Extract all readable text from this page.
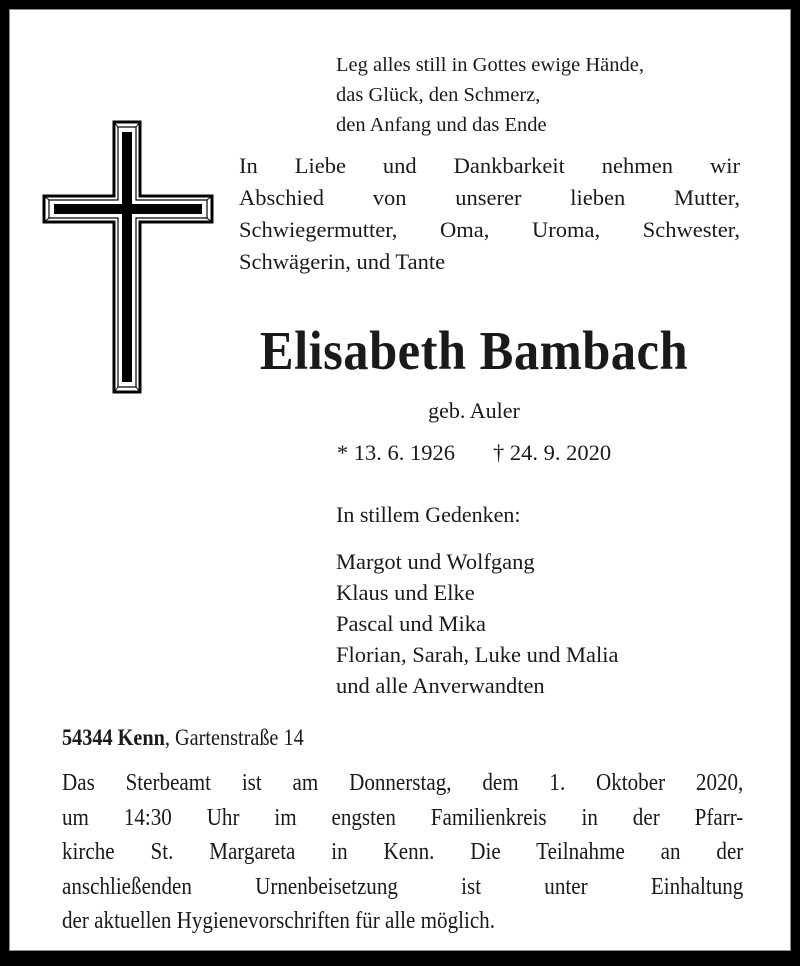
Leg alles still in Gottes ewige Hände,
das Glück, den Schmerz,
den Anfang und das Ende
In Liebe und Dankbarkeit nehmen wir
Abschied von unserer lieben Mutter,
Schwiegermutter, Oma, Uroma, Schwester,
Schwägerin, und Tante
Elisabeth Bambach
geb. Auler
* 13. 6. 1926 † 24. 9. 2020
In stillem Gedenken:
Margot und Wolfgang
Klaus und Elke
Pascal und Mika
Florian, Sarah, Luke und Malia
und alle Anverwandten
54344 Kenn, Gartenstraße 14
Das Sterbeamt ist am Donnerstag, dem 1. Oktober 2020,
um 14:30 Uhr im engsten Familienkreis in der Pfarr-
kirche St. Margareta in Kenn. Die Teilnahme an der
anschließenden Urnenbeisetzung ist unter Einhaltung
der aktuellen Hygienevorschriften für alle möglich.
